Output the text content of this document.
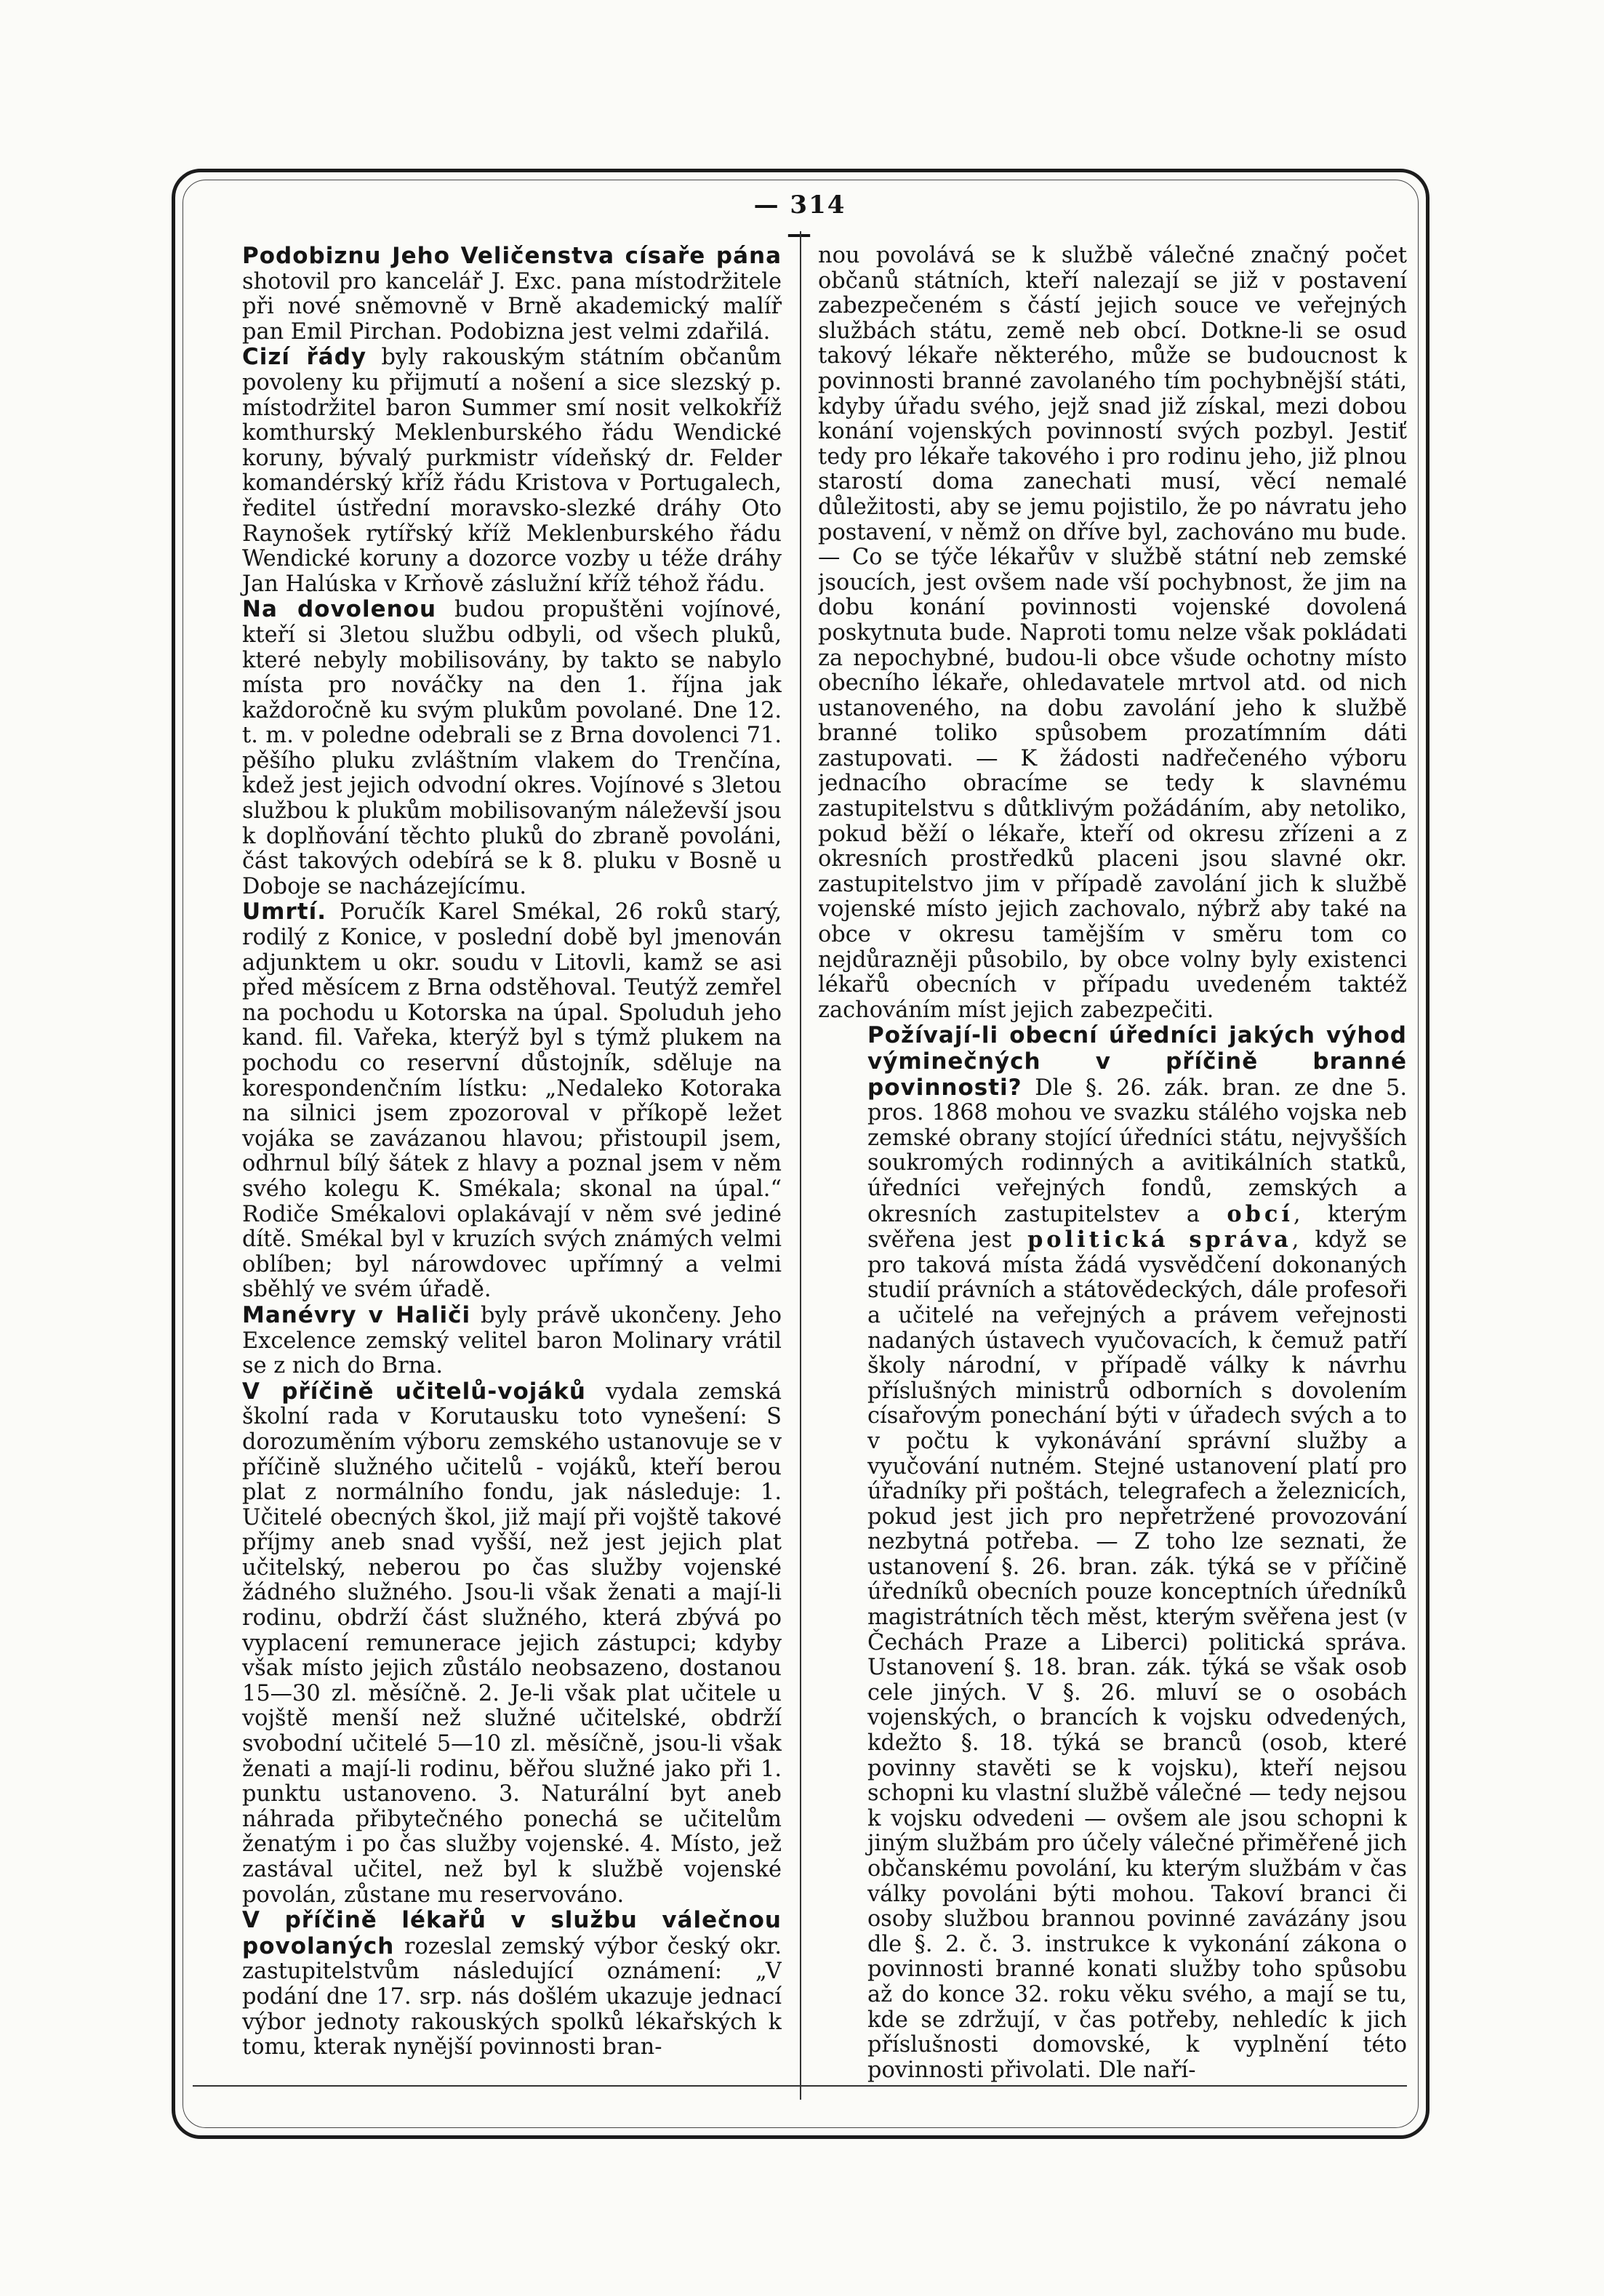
— 314 —

Podobiznu Jeho Veličenstva císaře pána shotovil pro kancelář J. Exc. pana místodržitele při nové sněmovně v Brně akademický malíř pan Emil Pirchan. Podobizna jest velmi zdařilá.

Cizí řády byly rakouským státním občanům povoleny ku přijmutí a nošení a sice slezský p. místodržitel baron Summer smí nosit velkokříž komthurský Meklenburského řádu Wendické koruny, bývalý purkmistr vídeňský dr. Felder komandérský kříž řádu Kristova v Portugalech, ředitel ústřední moravsko-slezké dráhy Oto Raynošek rytířský kříž Meklenburského řádu Wendické koruny a dozorce vozby u téže dráhy Jan Halúska v Krňově záslužní kříž téhož řádu.

Na dovolenou budou propuštěni vojínové, kteří si 3letou službu odbyli, od všech pluků, které nebyly mobilisovány, by takto se nabylo místa pro nováčky na den 1. října jak každoročně ku svým plukům povolané. Dne 12. t. m. v poledne odebrali se z Brna dovolenci 71. pěšího pluku zvláštním vlakem do Trenčína, kdež jest jejich odvodní okres. Vojínové s 3letou službou k plukům mobilisovaným náleževší jsou k doplňování těchto pluků do zbraně povoláni, část takových odebírá se k 8. pluku v Bosně u Doboje se nacházejícímu.

Umrtí. Poručík Karel Smékal, 26 roků starý, rodilý z Konice, v poslední době byl jmenován adjunktem u okr. soudu v Litovli, kamž se asi před měsícem z Brna odstěhoval. Teutýž zemřel na pochodu u Kotorska na úpal. Spoluduh jeho kand. fil. Vařeka, kterýž byl s týmž plukem na pochodu co reservní důstojník, sděluje na korespondenčním lístku: „Nedaleko Kotoraka na silnici jsem zpozoroval v příkopě ležet vojáka se zavázanou hlavou; přistoupil jsem, odhrnul bílý šátek z hlavy a poznal jsem v něm svého kolegu K. Smékala; skonal na úpal.“ Rodiče Smékalovi oplakávají v něm své jediné dítě. Smékal byl v kruzích svých známých velmi oblíben; byl nárowdovec upřímný a velmi sběhlý ve svém úřadě.

Manévry v Haliči byly právě ukončeny. Jeho Excelence zemský velitel baron Molinary vrátil se z nich do Brna.

V příčině učitelů-vojáků vydala zemská školní rada v Korutausku toto vynešení: S dorozuměním výboru zemského ustanovuje se v příčině služného učitelů - vojáků, kteří berou plat z normálního fondu, jak následuje: 1. Učitelé obecných škol, již mají při vojště takové příjmy aneb snad vyšší, než jest jejich plat učitelský, neberou po čas služby vojenské žádného služného. Jsou-li však ženati a mají-li rodinu, obdrží část služného, která zbývá po vyplacení remunerace jejich zástupci; kdyby však místo jejich zůstálo neobsazeno, dostanou 15—30 zl. měsíčně. 2. Je-li však plat učitele u vojště menší než služné učitelské, obdrží svobodní učitelé 5—10 zl. měsíčně, jsou-li však ženati a mají-li rodinu, běřou služné jako při 1. punktu ustanoveno. 3. Naturální byt aneb náhrada přibytečného ponechá se učitelům ženatým i po čas služby vojenské. 4. Místo, jež zastával učitel, než byl k službě vojenské povolán, zůstane mu reservováno.

V příčině lékařů v službu válečnou povolaných rozeslal zemský výbor český okr. zastupitelstvům následující oznámení: „V podání dne 17. srp. nás došlém ukazuje jednací výbor jednoty rakouských spolků lékařských k tomu, kterak nynější povinnosti bran-

nou povolává se k službě válečné značný počet občanů státních, kteří nalezají se již v postavení zabezpečeném s částí jejich souce ve veřejných službách státu, země neb obcí. Dotkne-li se osud takový lékaře některého, může se budoucnost k povinnosti branné zavolaného tím pochybnější státi, kdyby úřadu svého, jejž snad již získal, mezi dobou konání vojenských povinností svých pozbyl. Jestiť tedy pro lékaře takového i pro rodinu jeho, již plnou starostí doma zanechati musí, věcí nemalé důležitosti, aby se jemu pojistilo, že po návratu jeho postavení, v němž on dříve byl, zachováno mu bude. — Co se týče lékařův v službě státní neb zemské jsoucích, jest ovšem nade vší pochybnost, že jim na dobu konání povinnosti vojenské dovolená poskytnuta bude. Naproti tomu nelze však pokládati za nepochybné, budou-li obce všude ochotny místo obecního lékaře, ohledavatele mrtvol atd. od nich ustanoveného, na dobu zavolání jeho k službě branné toliko spůsobem prozatímním dáti zastupovati. — K žádosti nadřečeného výboru jednacího obracíme se tedy k slavnému zastupitelstvu s důtklivým požádáním, aby netoliko, pokud běží o lékaře, kteří od okresu zřízeni a z okresních prostředků placeni jsou slavné okr. zastupitelstvo jim v případě zavolání jich k službě vojenské místo jejich zachovalo, nýbrž aby také na obce v okresu tamějším v směru tom co nejdůrazněji působilo, by obce volny byly existenci lékařů obecních v případu uvedeném taktéž zachováním míst jejich zabezpečiti.

Požívají-li obecní úředníci jakých výhod výminečných v příčině branné povinnosti? Dle §. 26. zák. bran. ze dne 5. pros. 1868 mohou ve svazku stálého vojska neb zemské obrany stojící úředníci státu, nejvyšších soukromých rodinných a avitikálních statků, úředníci veřejných fondů, zemských a okresních zastupitelstev a obcí, kterým svěřena jest politická správa, když se pro taková místa žádá vysvědčení dokonaných studií právních a státovědeckých, dále profesoři a učitelé na veřejných a právem veřejnosti nadaných ústavech vyučovacích, k čemuž patří školy národní, v případě války k návrhu příslušných ministrů odborních s dovolením císařovým ponechání býti v úřadech svých a to v počtu k vykonávání správní služby a vyučování nutném. Stejné ustanovení platí pro úřadníky při poštách, telegrafech a železnicích, pokud jest jich pro nepřetržené provozování nezbytná potřeba. — Z toho lze seznati, že ustanovení §. 26. bran. zák. týká se v příčině úředníků obecních pouze konceptních úředníků magistrátních těch měst, kterým svěřena jest (v Čechách Praze a Liberci) politická správa. Ustanovení §. 18. bran. zák. týká se však osob cele jiných. V §. 26. mluví se o osobách vojenských, o brancích k vojsku odvedených, kdežto §. 18. týká se branců (osob, které povinny stavěti se k vojsku), kteří nejsou schopni ku vlastní službě válečné — tedy nejsou k vojsku odvedeni — ovšem ale jsou schopni k jiným službám pro účely válečné přiměřené jich občanskému povolání, ku kterým službám v čas války povoláni býti mohou. Takoví branci či osoby službou brannou povinné zavázány jsou dle §. 2. č. 3. instrukce k vykonání zákona o povinnosti branné konati služby toho spůsobu až do konce 32. roku věku svého, a mají se tu, kde se zdržují, v čas potřeby, nehledíc k jich příslušnosti domovské, k vyplnění této povinnosti přivolati. Dle naří-
